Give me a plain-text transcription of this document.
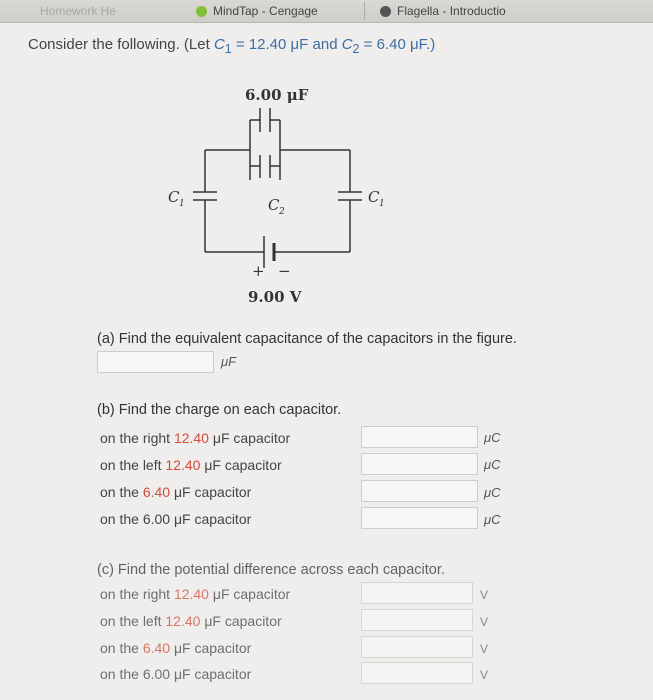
Homework He	MindTap - Cengage	Flagella - Introductio
Consider the following. (Let $C_1 = 12.40$ μF and $C_2 = 6.40$ μF.)
6.00 μF
C 1	C 2
C 1
+ −
9.00 V
(a) Find the equivalent capacitance of the capacitors in the figure.
μF
(b) Find the charge on each capacitor.
on the right 12.40 μF capacitor	μC
on the left 12.40 μF capacitor	μC
on the 6.40 μF capacitor	μC
on the 6.00 μF capacitor	μC
(c) Find the potential difference across each capacitor.
on the right 12.40 μF capacitor	V
on the left 12.40 μF capacitor	V
on the 6.40 μF capacitor	V
on the 6.00 μF capacitor	V
